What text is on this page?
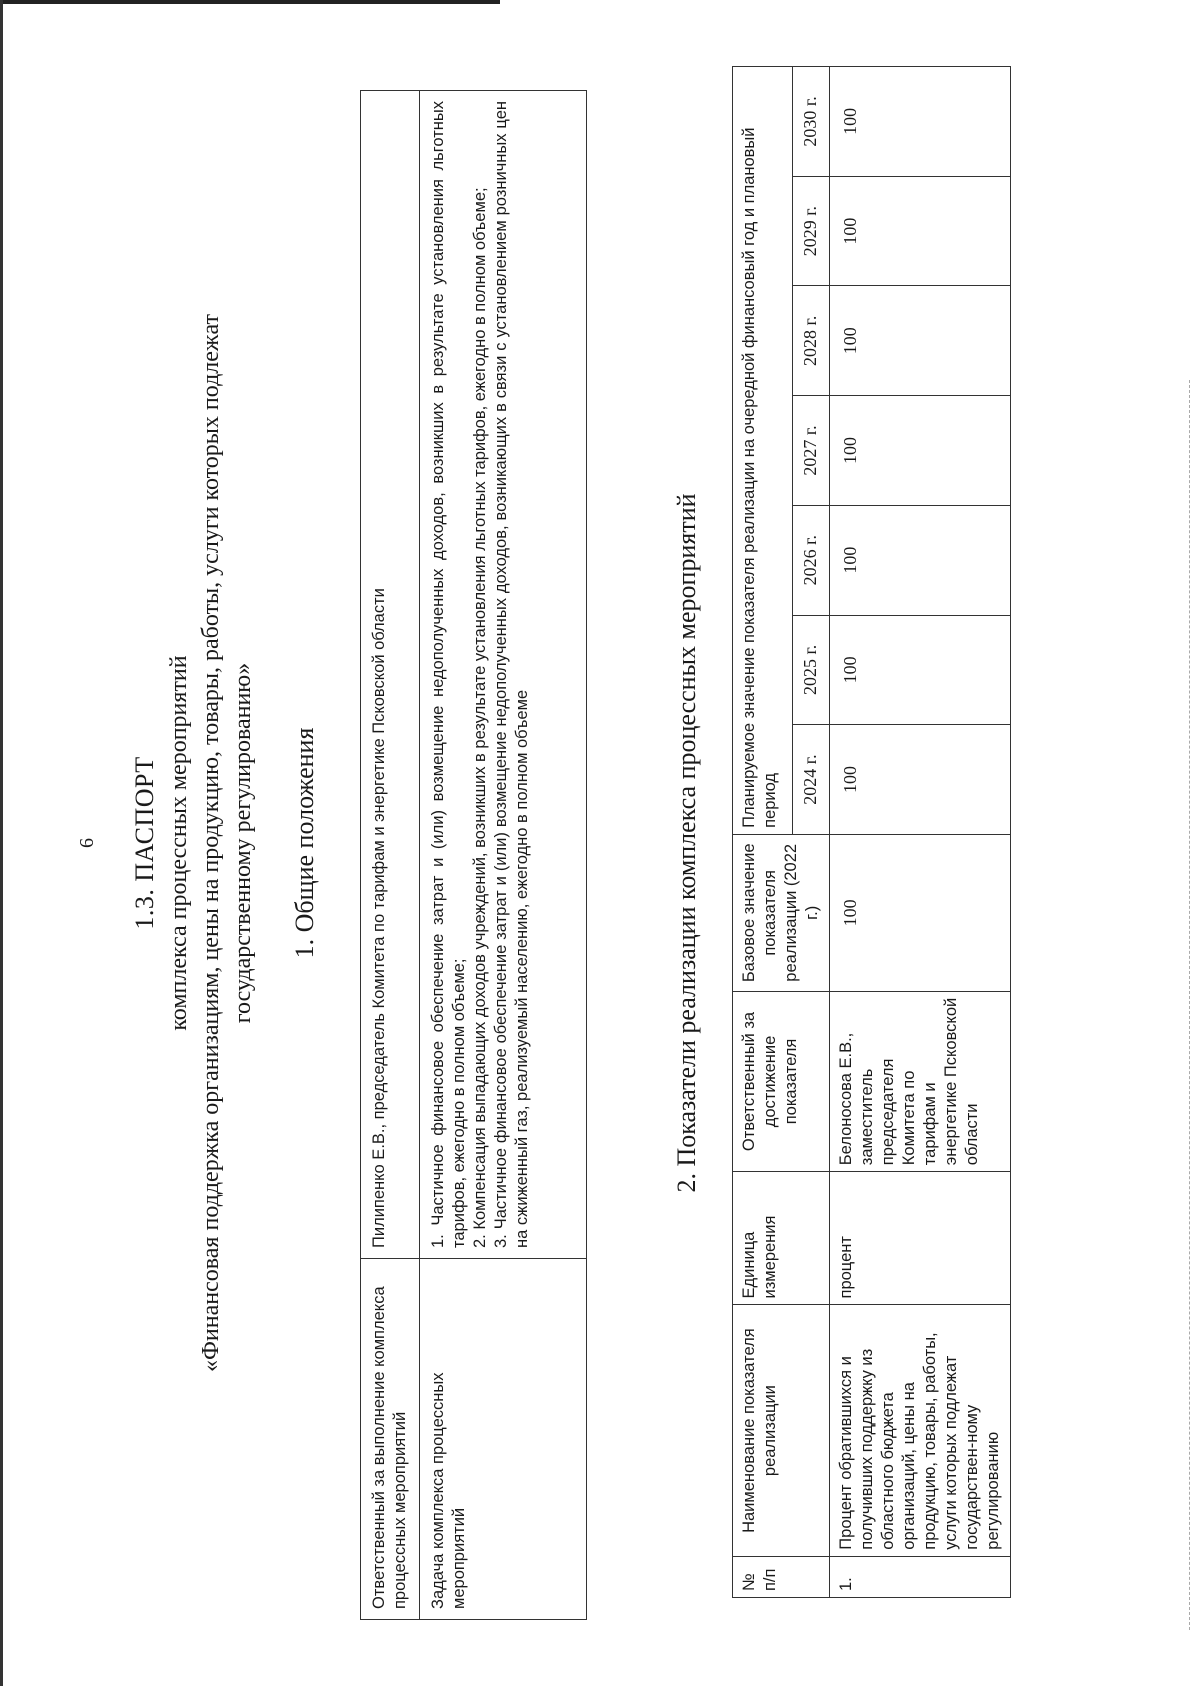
6 1.3. ПАСПОРТ комплекса процессных мероприятий «Финансовая поддержка организациям, цены на продукцию, товары, работы, услуги которых подлежат государственному регулированию» 1. Общие положения
Ответственный за выполнение комплекса процессных мероприятий	Пилипенко Е.В., председатель Комитета по тарифам и энергетике Псковской области
Задача комплекса процессных мероприятий	1. Частичное финансовое обеспечение затрат и (или) возмещение недополученных доходов, возникших в результате установления льготных тарифов, ежегодно в полном объеме; 2. Компенсация выпадающих доходов учреждений, возникших в результате установления льготных тарифов, ежегодно в полном объеме; 3. Частичное финансовое обеспечение затрат и (или) возмещение недополученных доходов, возникающих в связи с установлением розничных цен на сжиженный газ, реализуемый населению, ежегодно в полном объеме	2. Показатели реализации комплекса процессных мероприятий
№ п/п	Наименование показателя реализации	Единица измерения	Ответственный за достижение показателя	Базовое значение показателя реализации (2022 г.)	Планируемое значение показателя реализации на очередной финансовый год и плановый период						
					2024 г.	2025 г.	2026 г.	2027 г.	2028 г.	2029 г.	2030 г.
1.	Процент обратившихся и получивших поддержку из областного бюджета организаций, цены на продукцию, товары, работы, услуги которых подлежат государствен-ному регулированию	процент	Белоносова Е.В., заместитель председателя Комитета по тарифам и энергетике Псковской области	100	100	100	100	100	100	100	100
